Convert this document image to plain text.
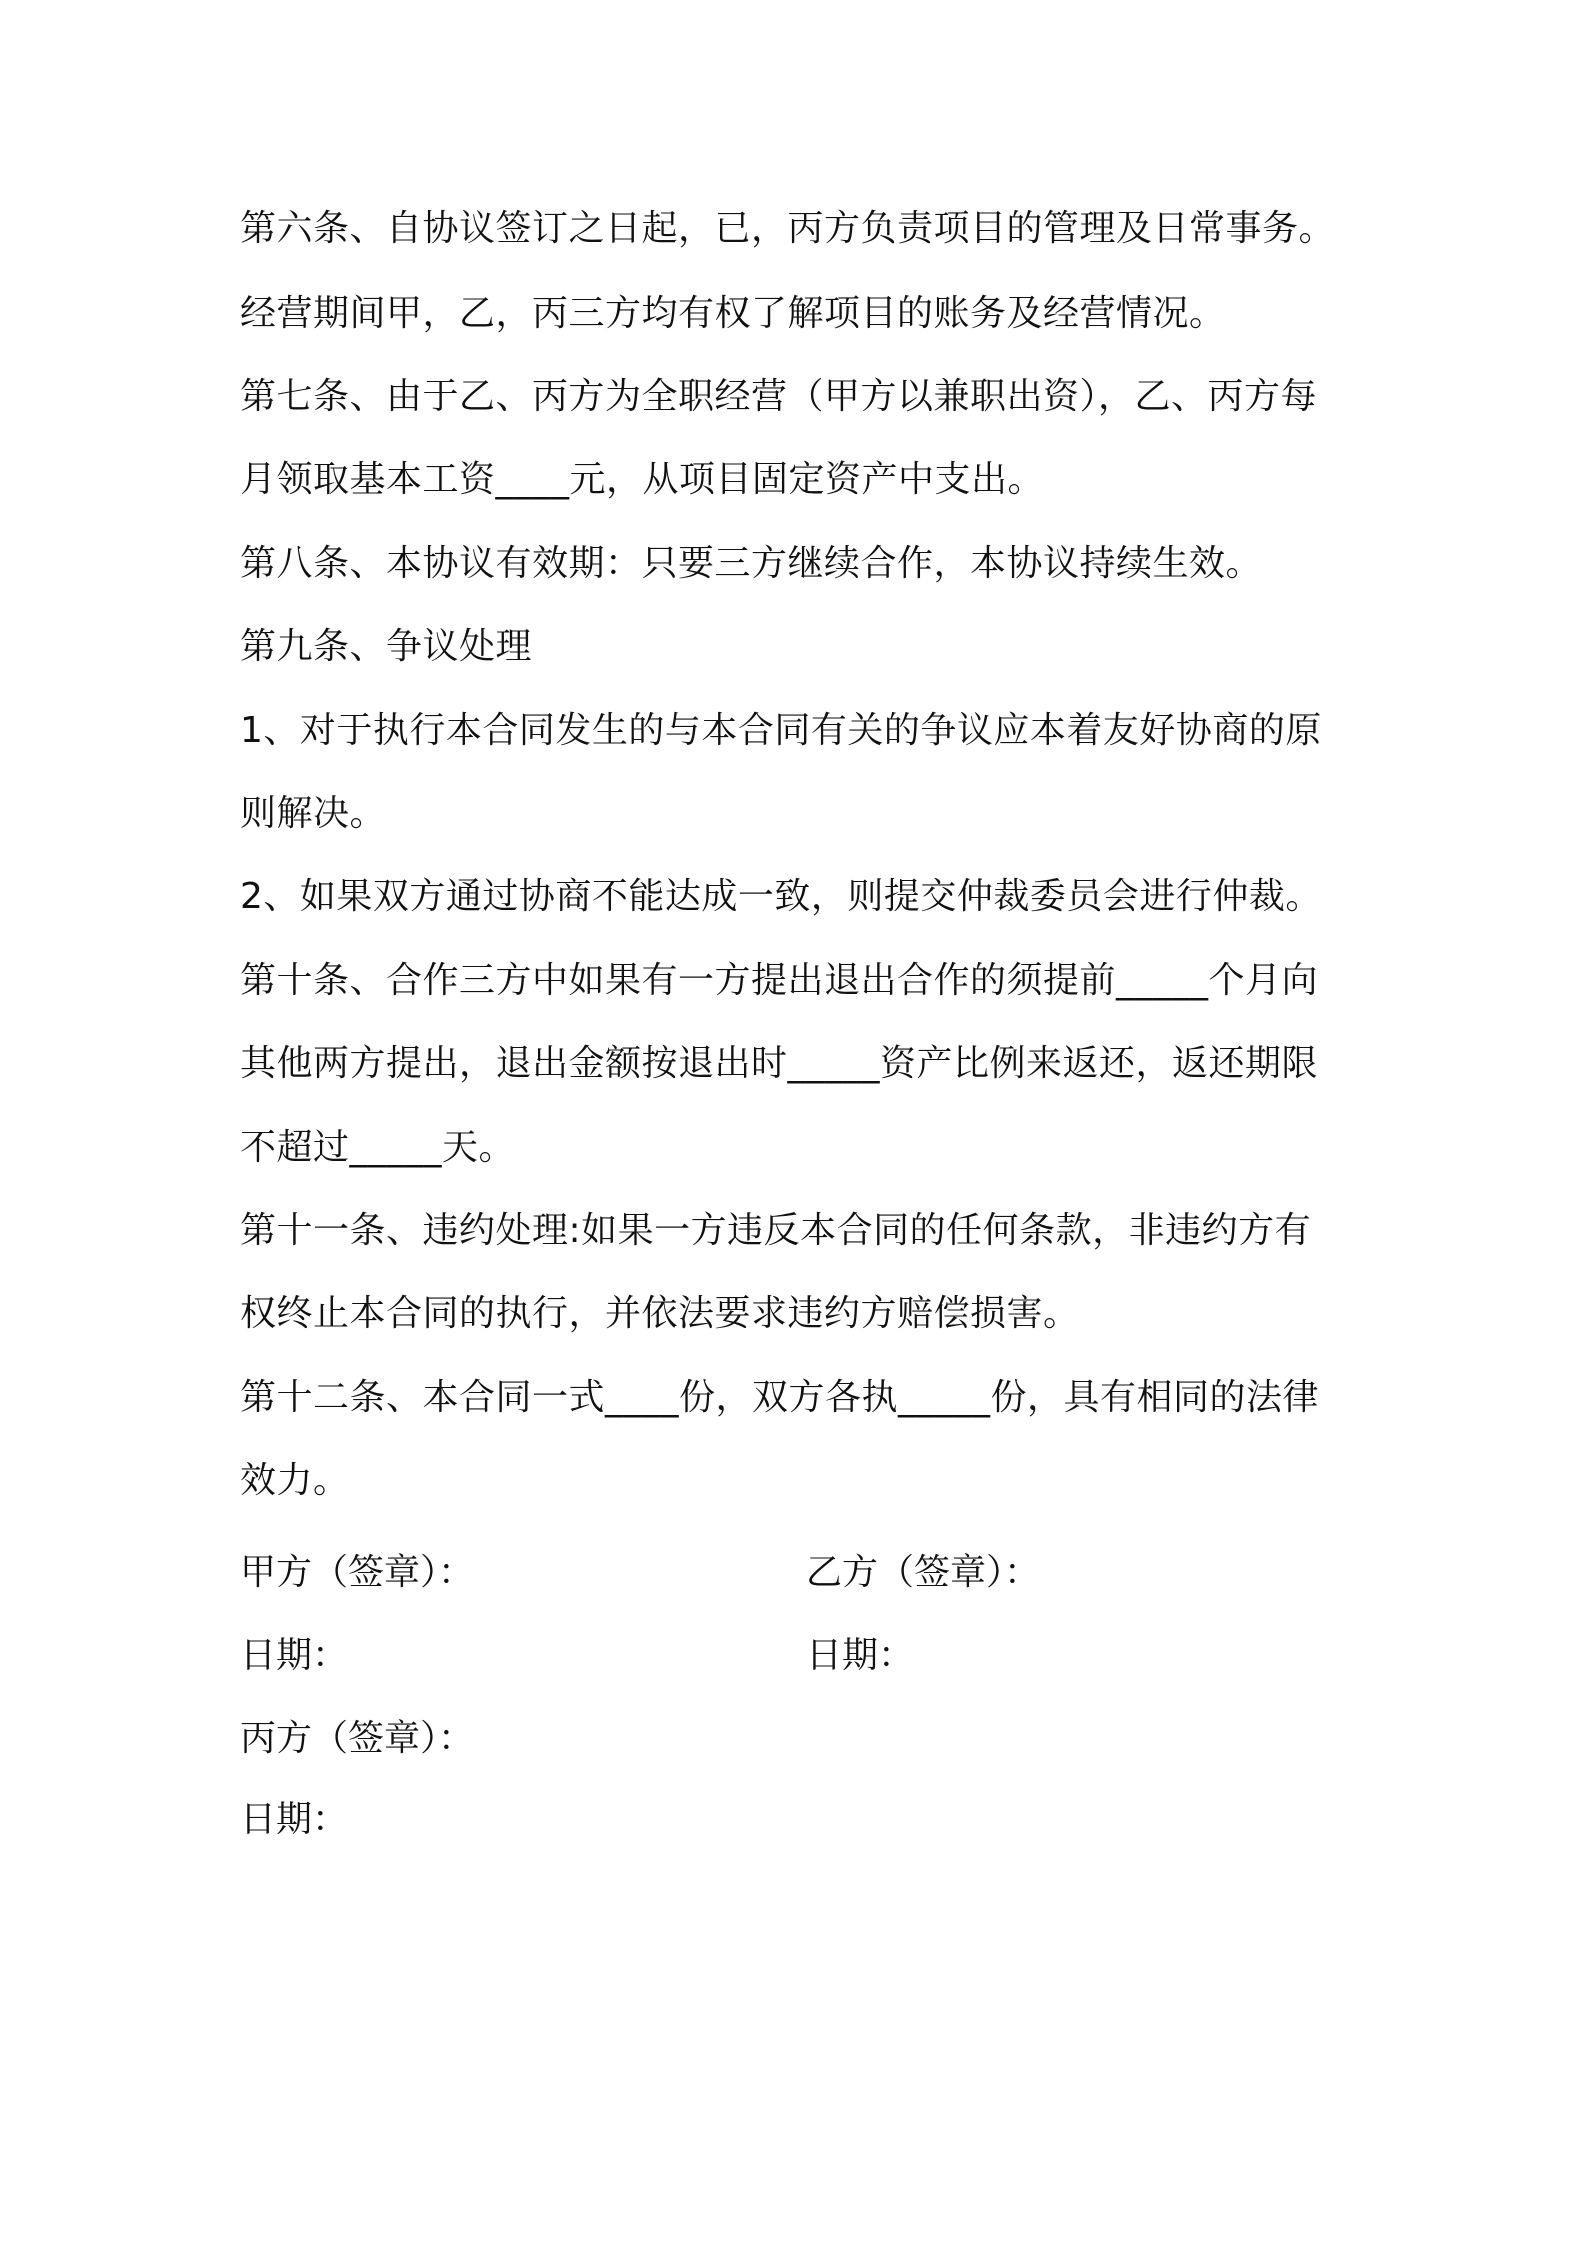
第六条、自协议签订之日起，已，丙方负责项目的管理及日常事务。
经营期间甲，乙，丙三方均有权了解项目的账务及经营情况。
第七条、由于乙、丙方为全职经营（甲方以兼职出资），乙、丙方每
月领取基本工资____元，从项目固定资产中支出。
第八条、本协议有效期：只要三方继续合作，本协议持续生效。
第九条、争议处理
1、对于执行本合同发生的与本合同有关的争议应本着友好协商的原
则解决。
2、如果双方通过协商不能达成一致，则提交仲裁委员会进行仲裁。
第十条、合作三方中如果有一方提出退出合作的须提前_____个月向
其他两方提出，退出金额按退出时_____资产比例来返还，返还期限
不超过_____天。
第十一条、违约处理:如果一方违反本合同的任何条款，非违约方有
权终止本合同的执行，并依法要求违约方赔偿损害。
第十二条、本合同一式____份，双方各执_____份，具有相同的法律
效力。
甲方（签章）：	乙方（签章）：
日期：	日期：
丙方（签章）：
日期：
